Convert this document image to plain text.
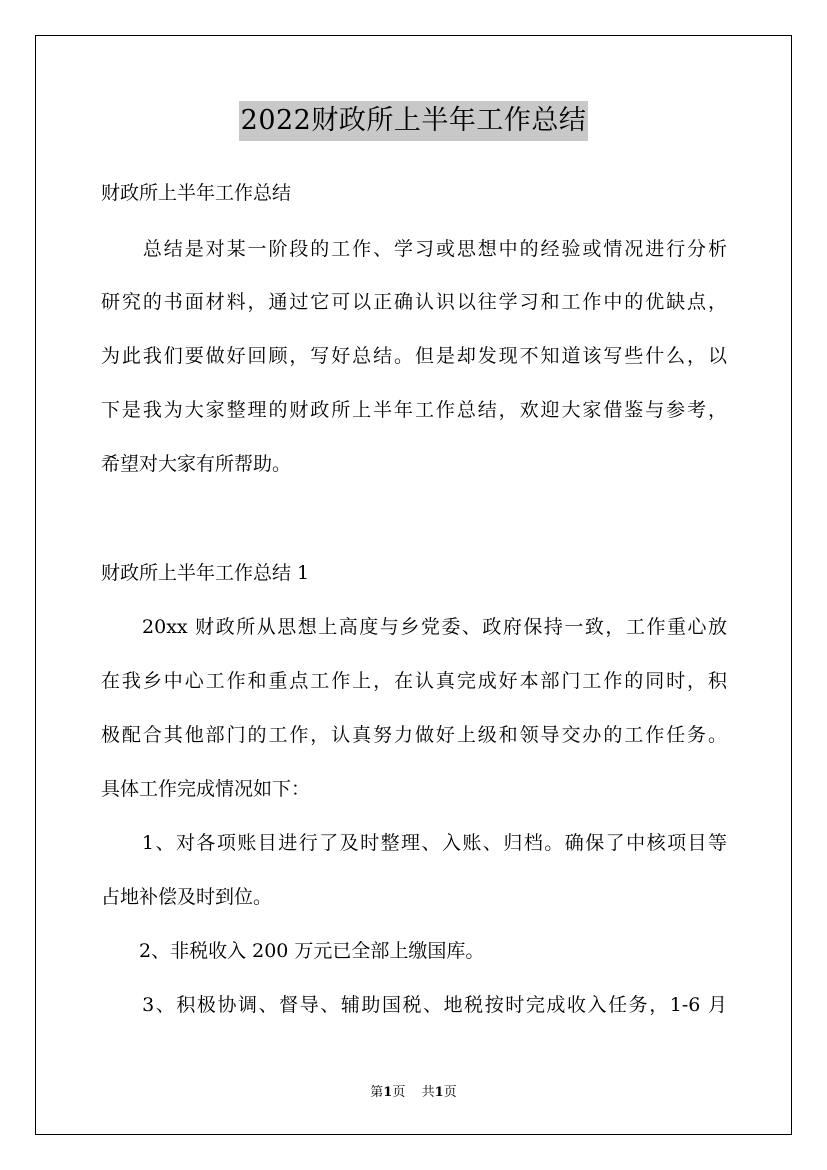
2022财政所上半年工作总结
财政所上半年工作总结
　　总结是对某一阶段的工作、学习或思想中的经验或情况进行分析
研究的书面材料，通过它可以正确认识以往学习和工作中的优缺点，
为此我们要做好回顾，写好总结。但是却发现不知道该写些什么，以
下是我为大家整理的财政所上半年工作总结，欢迎大家借鉴与参考，
希望对大家有所帮助。
财政所上半年工作总结 1
　　20xx 财政所从思想上高度与乡党委、政府保持一致，工作重心放
在我乡中心工作和重点工作上，在认真完成好本部门工作的同时，积
极配合其他部门的工作，认真努力做好上级和领导交办的工作任务。
具体工作完成情况如下：
　　1、对各项账目进行了及时整理、入账、归档。确保了中核项目等
占地补偿及时到位。
　　2、非税收入 200 万元已全部上缴国库。
　　3、积极协调、督导、辅助国税、地税按时完成收入任务，1-6 月
第1页 共1页
